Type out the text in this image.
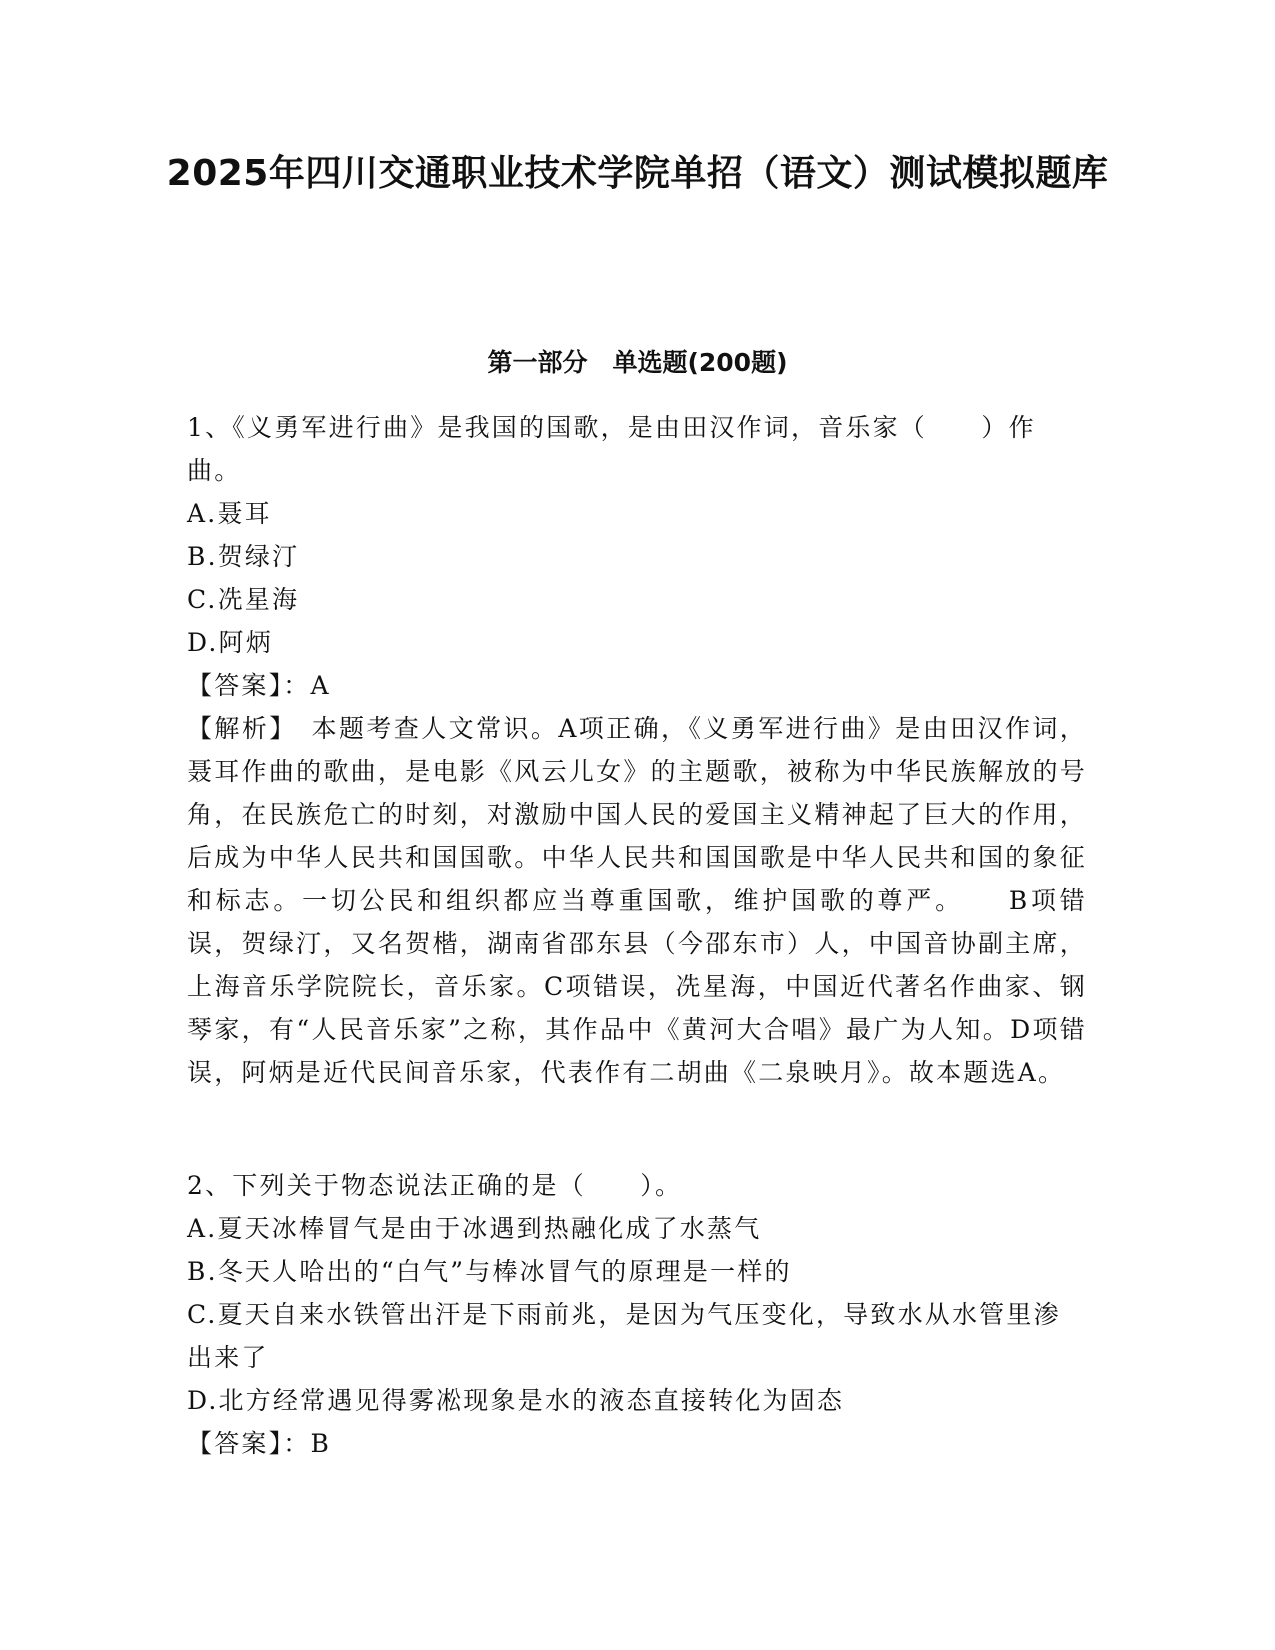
2025年四川交通职业技术学院单招（语文）测试模拟题库
第一部分　单选题(200题)
1、《义勇军进行曲》是我国的国歌，是由田汉作词，音乐家（　　）作曲。
A.聂耳
B.贺绿汀
C.冼星海
D.阿炳
【答案】：A
【解析】　本题考查人文常识。A项正确，《义勇军进行曲》是由田汉作词，聂耳作曲的歌曲，是电影《风云儿女》的主题歌，被称为中华民族解放的号角，在民族危亡的时刻，对激励中国人民的爱国主义精神起了巨大的作用，后成为中华人民共和国国歌。中华人民共和国国歌是中华人民共和国的象征和标志。一切公民和组织都应当尊重国歌，维护国歌的尊严。　　B项错误，贺绿汀，又名贺楷，湖南省邵东县（今邵东市）人，中国音协副主席，上海音乐学院院长，音乐家。C项错误，冼星海，中国近代著名作曲家、钢琴家，有“人民音乐家”之称，其作品中《黄河大合唱》最广为人知。D项错误，阿炳是近代民间音乐家，代表作有二胡曲《二泉映月》。故本题选A。
2、下列关于物态说法正确的是（　　）。
A.夏天冰棒冒气是由于冰遇到热融化成了水蒸气
B.冬天人哈出的“白气”与棒冰冒气的原理是一样的
C.夏天自来水铁管出汗是下雨前兆，是因为气压变化，导致水从水管里渗出来了
D.北方经常遇见得雾凇现象是水的液态直接转化为固态
【答案】：B
